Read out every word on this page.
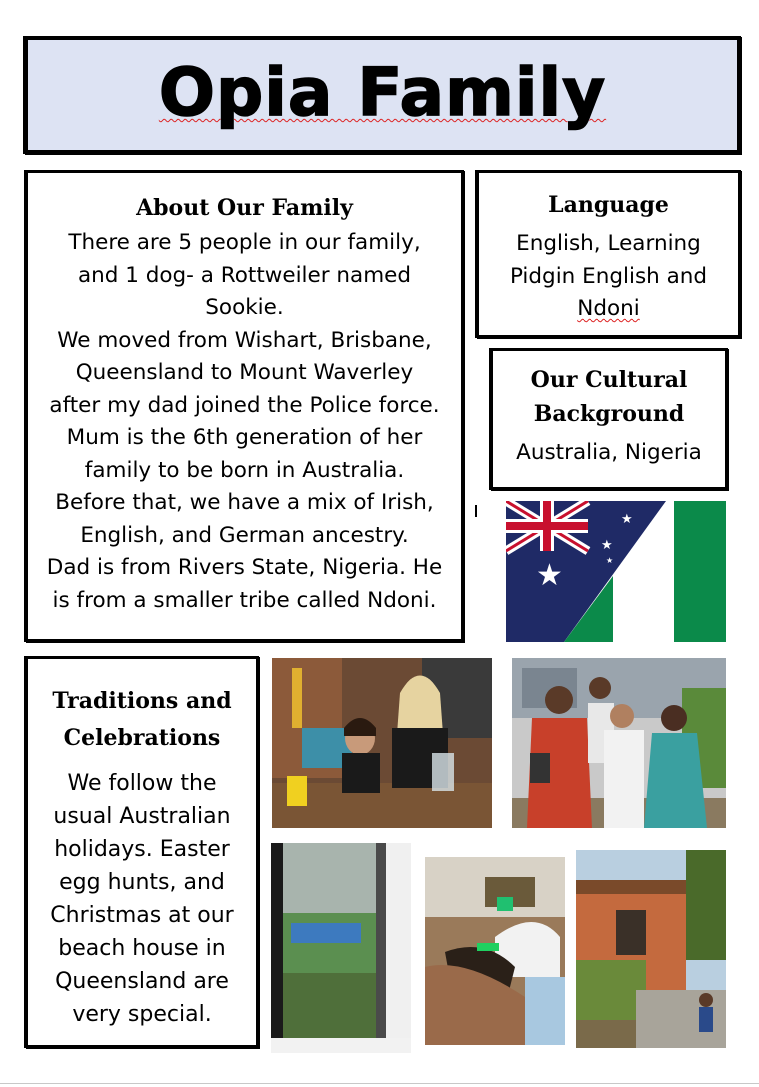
Opia Family
About Our Family
There are 5 people in our family,
and 1 dog- a Rottweiler named
Sookie.
We moved from Wishart, Brisbane,
Queensland to Mount Waverley
after my dad joined the Police force.
Mum is the 6th generation of her
family to be born in Australia.
Before that, we have a mix of Irish,
English, and German ancestry.
Dad is from Rivers State, Nigeria. He
is from a smaller tribe called Ndoni.
Language
English, Learning
Pidgin English and
Ndoni
Our Cultural
Background
Australia, Nigeria
★
★
★
★
★
Traditions and
Celebrations
We follow the
usual Australian
holidays. Easter
egg hunts, and
Christmas at our
beach house in
Queensland are
very special.
